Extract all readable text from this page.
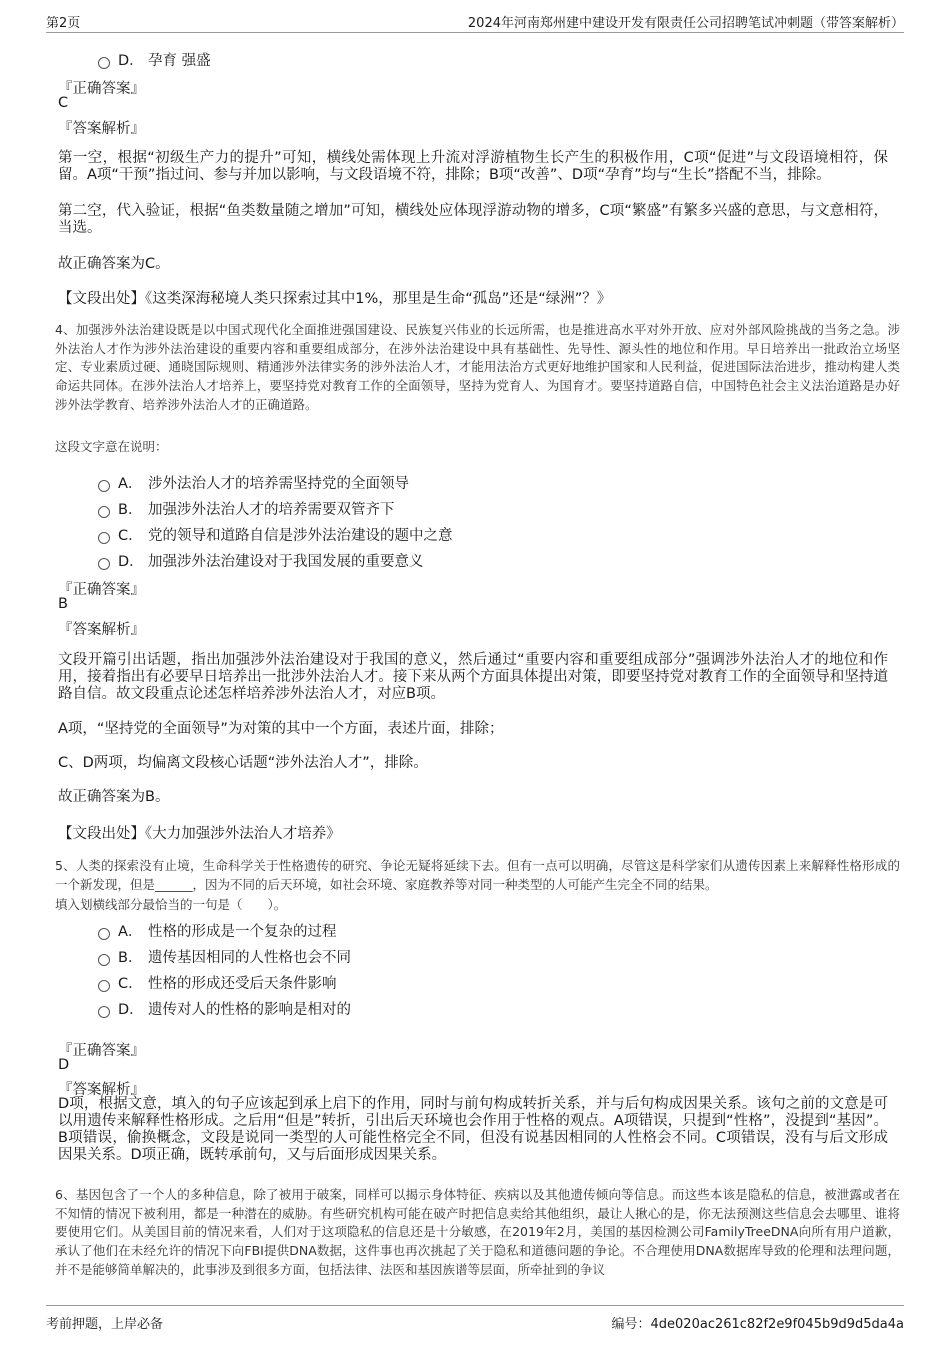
第2页	2024年河南郑州建中建设开发有限责任公司招聘笔试冲刺题（带答案解析）
D． 孕育 强盛
『正确答案』
C
『答案解析』
第一空，根据“初级生产力的提升”可知，横线处需体现上升流对浮游植物生长产生的积极作用，C项“促进”与文段语境相符，保留。A项“干预”指过问、参与并加以影响，与文段语境不符，排除；B项“改善”、D项“孕育”均与“生长”搭配不当，排除。
第二空，代入验证，根据“鱼类数量随之增加”可知，横线处应体现浮游动物的增多，C项“繁盛”有繁多兴盛的意思，与文意相符，当选。
故正确答案为C。
【文段出处】《这类深海秘境人类只探索过其中1%，那里是生命“孤岛”还是“绿洲”？》
4、加强涉外法治建设既是以中国式现代化全面推进强国建设、民族复兴伟业的长远所需，也是推进高水平对外开放、应对外部风险挑战的当务之急。涉外法治人才作为涉外法治建设的重要内容和重要组成部分，在涉外法治建设中具有基础性、先导性、源头性的地位和作用。早日培养出一批政治立场坚定、专业素质过硬、通晓国际规则、精通涉外法律实务的涉外法治人才，才能用法治方式更好地维护国家和人民利益，促进国际法治进步，推动构建人类命运共同体。在涉外法治人才培养上，要坚持党对教育工作的全面领导，坚持为党育人、为国育才。要坚持道路自信，中国特色社会主义法治道路是办好涉外法学教育、培养涉外法治人才的正确道路。
这段文字意在说明：
A． 涉外法治人才的培养需坚持党的全面领导
B． 加强涉外法治人才的培养需要双管齐下
C． 党的领导和道路自信是涉外法治建设的题中之意
D． 加强涉外法治建设对于我国发展的重要意义
『正确答案』
B
『答案解析』
文段开篇引出话题，指出加强涉外法治建设对于我国的意义，然后通过“重要内容和重要组成部分”强调涉外法治人才的地位和作用，接着指出有必要早日培养出一批涉外法治人才。接下来从两个方面具体提出对策，即要坚持党对教育工作的全面领导和坚持道路自信。故文段重点论述怎样培养涉外法治人才，对应B项。
A项，“坚持党的全面领导”为对策的其中一个方面，表述片面，排除；
C、D两项，均偏离文段核心话题“涉外法治人才”，排除。
故正确答案为B。
【文段出处】《大力加强涉外法治人才培养》
5、人类的探索没有止境，生命科学关于性格遗传的研究、争论无疑将延续下去。但有一点可以明确，尽管这是科学家们从遗传因素上来解释性格形成的一个新发现，但是______，因为不同的后天环境，如社会环境、家庭教养等对同一种类型的人可能产生完全不同的结果。
填入划横线部分最恰当的一句是（　　）。
A． 性格的形成是一个复杂的过程
B． 遗传基因相同的人性格也会不同
C． 性格的形成还受后天条件影响
D． 遗传对人的性格的影响是相对的
『正确答案』
D
『答案解析』
D项，根据文意，填入的句子应该起到承上启下的作用，同时与前句构成转折关系，并与后句构成因果关系。该句之前的文意是可以用遗传来解释性格形成。之后用“但是”转折，引出后天环境也会作用于性格的观点。A项错误，只提到“性格”，没提到“基因”。B项错误，偷换概念，文段是说同一类型的人可能性格完全不同，但没有说基因相同的人性格会不同。C项错误，没有与后文形成因果关系。D项正确，既转承前句，又与后面形成因果关系。
6、基因包含了一个人的多种信息，除了被用于破案，同样可以揭示身体特征、疾病以及其他遗传倾向等信息。而这些本该是隐私的信息，被泄露或者在不知情的情况下被利用，都是一种潜在的威胁。有些研究机构可能在破产时把信息卖给其他组织，最让人揪心的是，你无法预测这些信息会去哪里、谁将要使用它们。从美国目前的情况来看，人们对于这项隐私的信息还是十分敏感，在2019年2月，美国的基因检测公司FamilyTreeDNA向所有用户道歉，承认了他们在未经允许的情况下向FBI提供DNA数据，这件事也再次挑起了关于隐私和道德问题的争论。不合理使用DNA数据库导致的伦理和法理问题，并不是能够简单解决的，此事涉及到很多方面，包括法律、法医和基因族谱等层面，所牵扯到的争议
考前押题，上岸必备	编号：4de020ac261c82f2e9f045b9d9d5da4a
